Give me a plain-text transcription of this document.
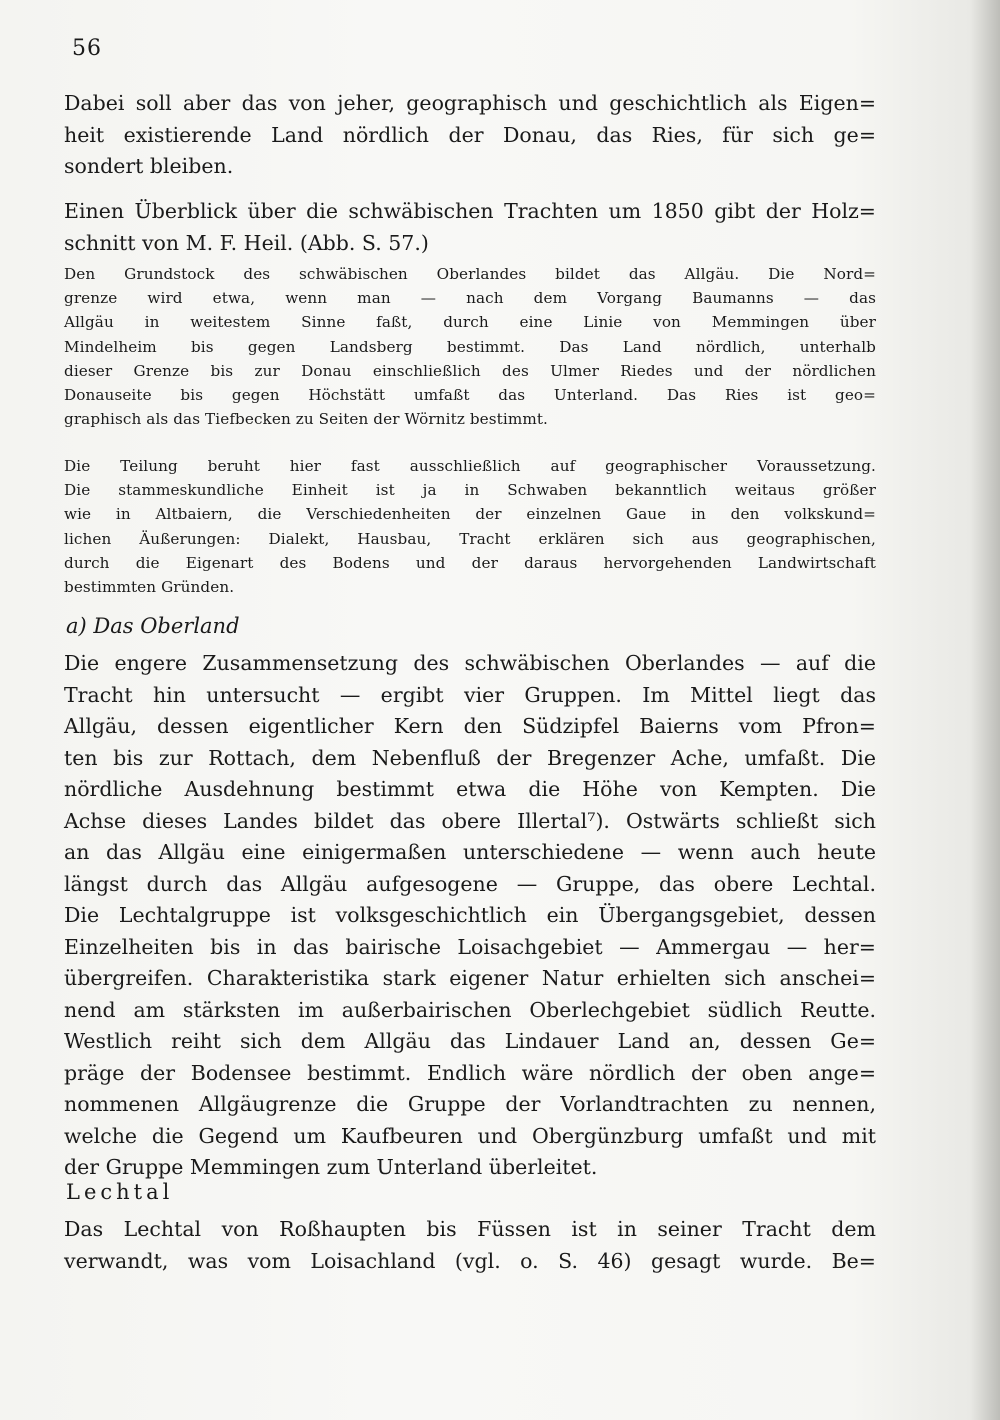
56
Dabei soll aber das von jeher, geographisch und geschichtlich als Eigen=
heit existierende Land nördlich der Donau, das Ries, für sich ge=
sondert bleiben.
Einen Überblick über die schwäbischen Trachten um 1850 gibt der Holz=
schnitt von M. F. Heil. (Abb. S. 57.)
Den Grundstock des schwäbischen Oberlandes bildet das Allgäu. Die Nord=
grenze wird etwa, wenn man — nach dem Vorgang Baumanns — das
Allgäu in weitestem Sinne faßt, durch eine Linie von Memmingen über
Mindelheim bis gegen Landsberg bestimmt. Das Land nördlich, unterhalb
dieser Grenze bis zur Donau einschließlich des Ulmer Riedes und der nördlichen
Donauseite bis gegen Höchstätt umfaßt das Unterland. Das Ries ist geo=
graphisch als das Tiefbecken zu Seiten der Wörnitz bestimmt.
Die Teilung beruht hier fast ausschließlich auf geographischer Voraussetzung.
Die stammeskundliche Einheit ist ja in Schwaben bekanntlich weitaus größer
wie in Altbaiern, die Verschiedenheiten der einzelnen Gaue in den volkskund=
lichen Äußerungen: Dialekt, Hausbau, Tracht erklären sich aus geographischen,
durch die Eigenart des Bodens und der daraus hervorgehenden Landwirtschaft
bestimmten Gründen.
a) Das Oberland
Die engere Zusammensetzung des schwäbischen Oberlandes — auf die
Tracht hin untersucht — ergibt vier Gruppen. Im Mittel liegt das
Allgäu, dessen eigentlicher Kern den Südzipfel Baierns vom Pfron=
ten bis zur Rottach, dem Nebenfluß der Bregenzer Ache, umfaßt. Die
nördliche Ausdehnung bestimmt etwa die Höhe von Kempten. Die
Achse dieses Landes bildet das obere Illertal⁷). Ostwärts schließt sich
an das Allgäu eine einigermaßen unterschiedene — wenn auch heute
längst durch das Allgäu aufgesogene — Gruppe, das obere Lechtal.
Die Lechtalgruppe ist volksgeschichtlich ein Übergangsgebiet, dessen
Einzelheiten bis in das bairische Loisachgebiet — Ammergau — her=
übergreifen. Charakteristika stark eigener Natur erhielten sich anschei=
nend am stärksten im außerbairischen Oberlechgebiet südlich Reutte.
Westlich reiht sich dem Allgäu das Lindauer Land an, dessen Ge=
präge der Bodensee bestimmt. Endlich wäre nördlich der oben ange=
nommenen Allgäugrenze die Gruppe der Vorlandtrachten zu nennen,
welche die Gegend um Kaufbeuren und Obergünzburg umfaßt und mit
der Gruppe Memmingen zum Unterland überleitet.
Lechtal
Das Lechtal von Roßhaupten bis Füssen ist in seiner Tracht dem
verwandt, was vom Loisachland (vgl. o. S. 46) gesagt wurde. Be=
